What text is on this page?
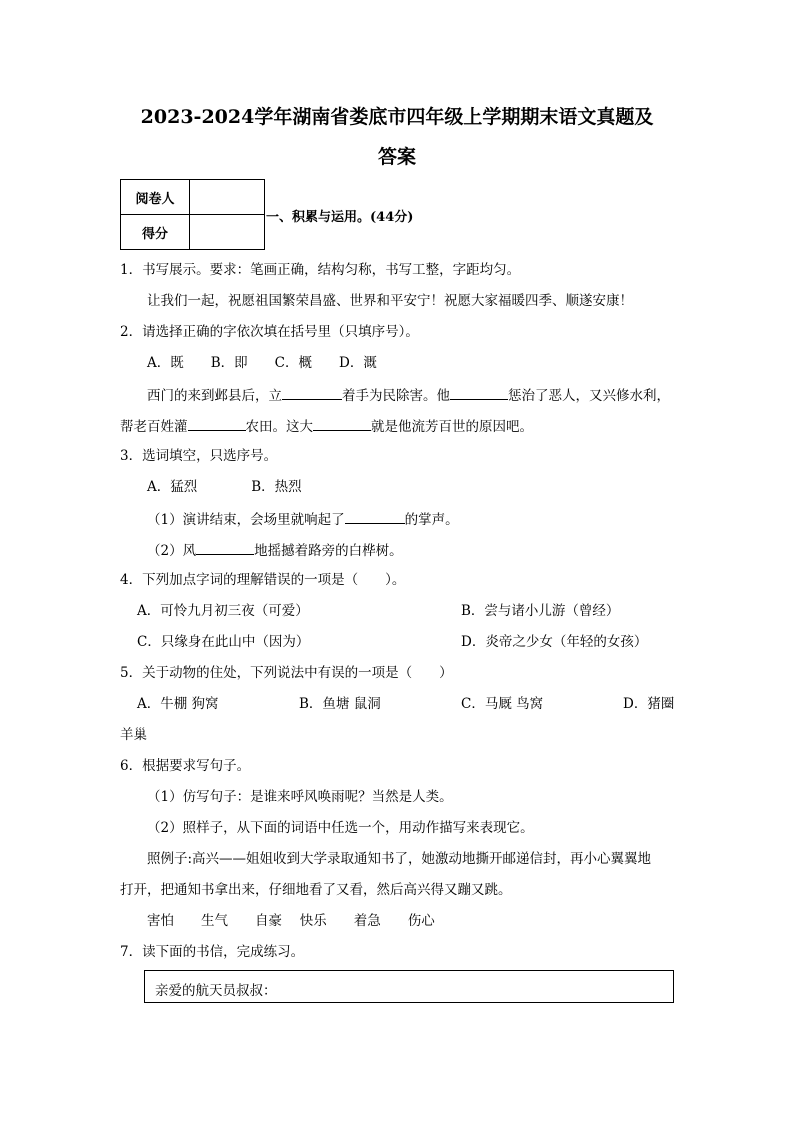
2023-2024学年湖南省娄底市四年级上学期期末语文真题及
答案
阅卷人	
得分	
一、积累与运用。(44分)
1．书写展示。要求：笔画正确，结构匀称，书写工整，字距均匀。
让我们一起，祝愿祖国繁荣昌盛、世界和平安宁！祝愿大家福暖四季、顺遂安康！
2．请选择正确的字依次填在括号里（只填序号）。
A．既　　B．即　　C．概　　D．溉
西门的来到邺县后，立	着手为民除害。他	惩治了恶人，又兴修水利，
帮老百姓灌	农田。这大	就是他流芳百世的原因吧。
3．选词填空，只选序号。
A．猛烈　　　　B．热烈
（1）演讲结束，会场里就响起了	的掌声。
（2）风	地摇撼着路旁的白桦树。
4．下列加点字词的理解错误的一项是（　　）。
A．可怜九月初三夜（可爱）	B．尝与诸小儿游（曾经）
C．只缘身在此山中（因为）	D．炎帝之少女（年轻的女孩）
5．关于动物的住处，下列说法中有误的一项是（　　）
A．牛棚 狗窝	B．鱼塘 鼠洞	C．马厩 鸟窝	D．猪圈
羊巢
6．根据要求写句子。
（1）仿写句子：是谁来呼风唤雨呢？当然是人类。
（2）照样子，从下面的词语中任选一个，用动作描写来表现它。
照例子:高兴——姐姐收到大学录取通知书了，她激动地撕开邮递信封，再小心翼翼地
打开，把通知书拿出来，仔细地看了又看，然后高兴得又蹦又跳。
害怕　　生气　　自豪　 快乐　　着急　　伤心
7．读下面的书信，完成练习。
亲爱的航天员叔叔：
